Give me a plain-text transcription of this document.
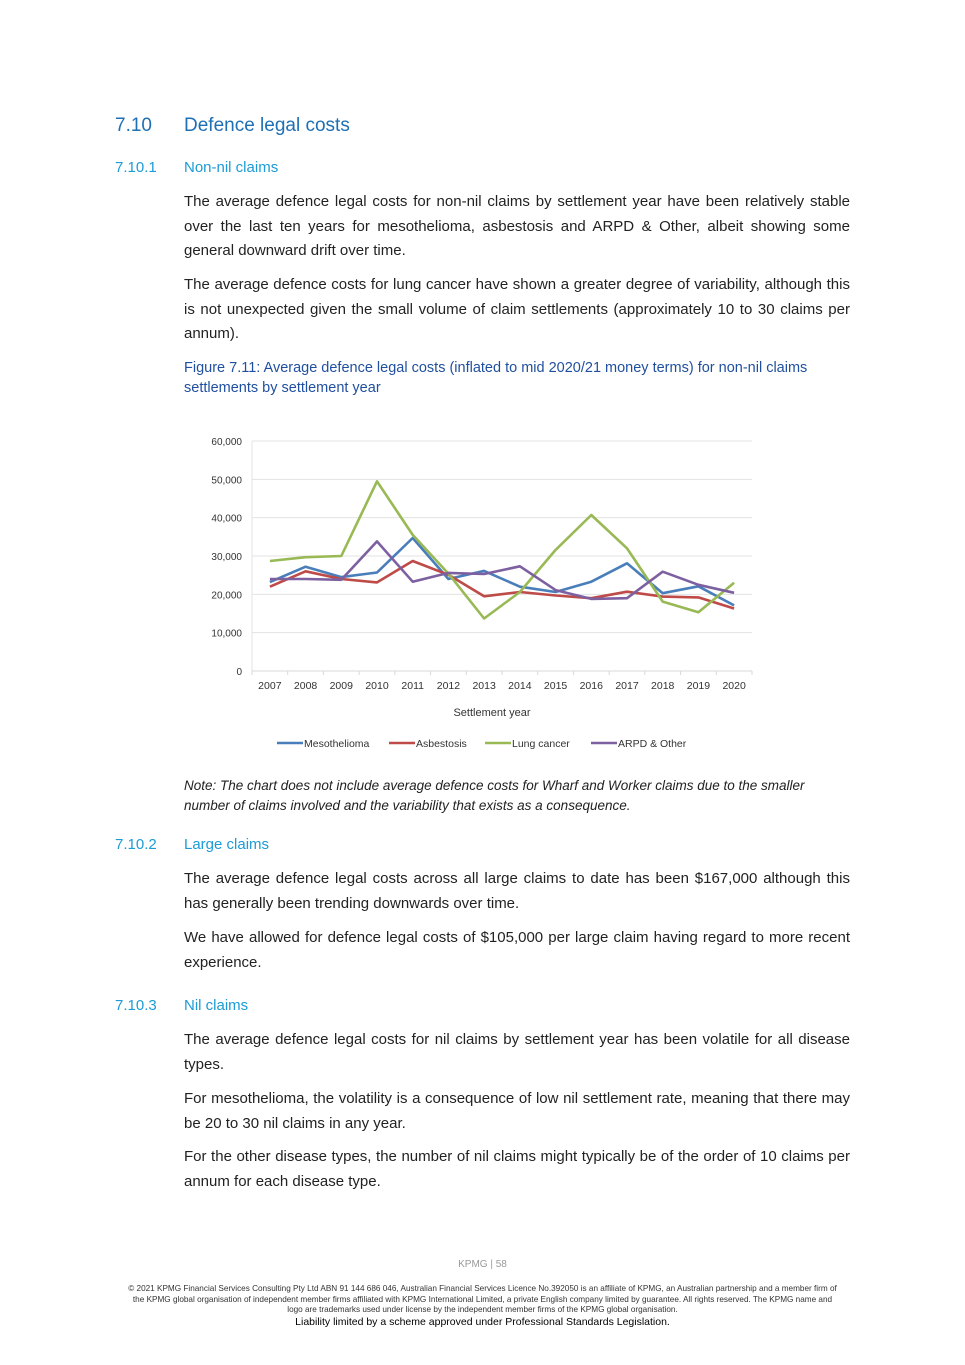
7.10 Defence legal costs
7.10.1 Non-nil claims

The average defence legal costs for non-nil claims by settlement year have been relatively stable over the last ten years for mesothelioma, asbestosis and ARPD & Other, albeit showing some general downward drift over time.

The average defence costs for lung cancer have shown a greater degree of variability, although this is not unexpected given the small volume of claim settlements (approximately 10 to 30 claims per annum).

Figure 7.11: Average defence legal costs (inflated to mid 2020/21 money terms) for non-nil claims settlements by settlement year
0
10,000
20,000
30,000
40,000
50,000
60,000
2007 2008 2009 2010 2011 2012 2013 2014 2015 2016 2017 2018 2019 2020
Settlement year
Mesothelioma	Asbestosis	Lung cancer	ARPD & Other
Note: The chart does not include average defence costs for Wharf and Worker claims due to the smaller number of claims involved and the variability that exists as a consequence.
7.10.2 Large claims

The average defence legal costs across all large claims to date has been $167,000 although this has generally been trending downwards over time.

We have allowed for defence legal costs of $105,000 per large claim having regard to more recent experience.

7.10.3 Nil claims

The average defence legal costs for nil claims by settlement year has been volatile for all disease types.

For mesothelioma, the volatility is a consequence of low nil settlement rate, meaning that there may be 20 to 30 nil claims in any year.

For the other disease types, the number of nil claims might typically be of the order of 10 claims per annum for each disease type.

KPMG | 58
© 2021 KPMG Financial Services Consulting Pty Ltd ABN 91 144 686 046, Australian Financial Services Licence No.392050 is an affiliate of KPMG, an Australian partnership and a member firm of the KPMG global organisation of independent member firms affiliated with KPMG International Limited, a private English company limited by guarantee. All rights reserved. The KPMG name and logo are trademarks used under license by the independent member firms of the KPMG global organisation.
Liability limited by a scheme approved under Professional Standards Legislation.
